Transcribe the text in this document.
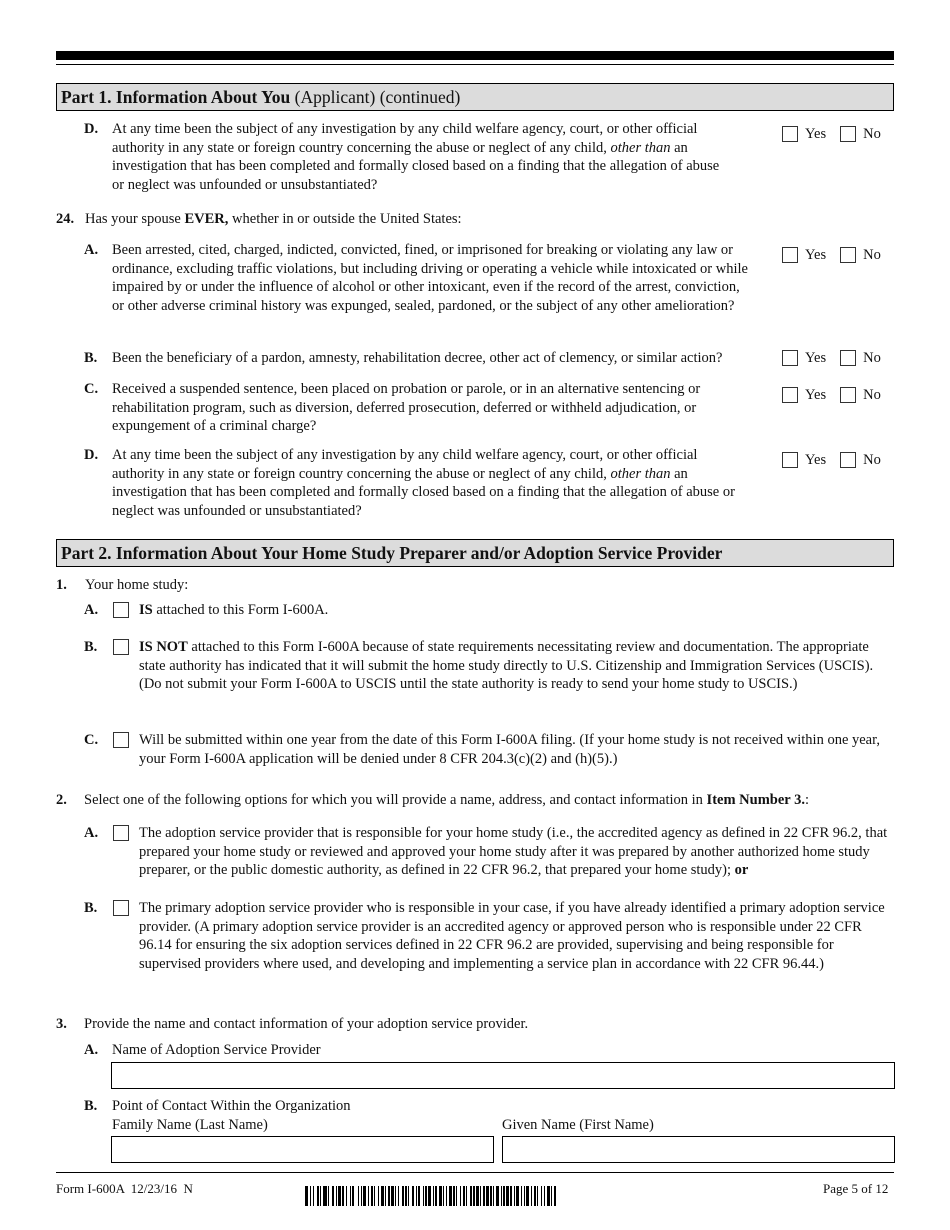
Part 1. Information About You (Applicant) (continued)
D. At any time been the subject of any investigation by any child welfare agency, court, or other official authority in any state or foreign country concerning the abuse or neglect of any child, other than an investigation that has been completed and formally closed based on a finding that the allegation of abuse or neglect was unfounded or unsubstantiated?
Yes	No
24. Has your spouse EVER, whether in or outside the United States:
A. Been arrested, cited, charged, indicted, convicted, fined, or imprisoned for breaking or violating any law or ordinance, excluding traffic violations, but including driving or operating a vehicle while intoxicated or while impaired by or under the influence of alcohol or other intoxicant, even if the record of the arrest, conviction, or other adverse criminal history was expunged, sealed, pardoned, or the subject of any other amelioration?
Yes	No
B. Been the beneficiary of a pardon, amnesty, rehabilitation decree, other act of clemency, or similar action?	Yes	No
C. Received a suspended sentence, been placed on probation or parole, or in an alternative sentencing or rehabilitation program, such as diversion, deferred prosecution, deferred or withheld adjudication, or expungement of a criminal charge?
Yes	No
D. At any time been the subject of any investigation by any child welfare agency, court, or other official authority in any state or foreign country concerning the abuse or neglect of any child, other than an investigation that has been completed and formally closed based on a finding that the allegation of abuse or neglect was unfounded or unsubstantiated?
Yes	No
Part 2. Information About Your Home Study Preparer and/or Adoption Service Provider
1. Your home study:
A.	IS attached to this Form I-600A.
B.	IS NOT attached to this Form I-600A because of state requirements necessitating review and documentation. The appropriate state authority has indicated that it will submit the home study directly to U.S. Citizenship and Immigration Services (USCIS). (Do not submit your Form I-600A to USCIS until the state authority is ready to send your home study to USCIS.)
C.	Will be submitted within one year from the date of this Form I-600A filing. (If your home study is not received within one year, your Form I-600A application will be denied under 8 CFR 204.3(c)(2) and (h)(5).)
2. Select one of the following options for which you will provide a name, address, and contact information in Item Number 3.:
A.	The adoption service provider that is responsible for your home study (i.e., the accredited agency as defined in 22 CFR 96.2, that prepared your home study or reviewed and approved your home study after it was prepared by another authorized home study preparer, or the public domestic authority, as defined in 22 CFR 96.2, that prepared your home study); or
B.	The primary adoption service provider who is responsible in your case, if you have already identified a primary adoption service provider. (A primary adoption service provider is an accredited agency or approved person who is responsible under 22 CFR 96.14 for ensuring the six adoption services defined in 22 CFR 96.2 are provided, supervising and being responsible for supervised providers where used, and developing and implementing a service plan in accordance with 22 CFR 96.44.)
3. Provide the name and contact information of your adoption service provider.
A. Name of Adoption Service Provider
B. Point of Contact Within the Organization
Family Name (Last Name)	Given Name (First Name)
Form I-600A  12/23/16  N	Page 5 of 12
